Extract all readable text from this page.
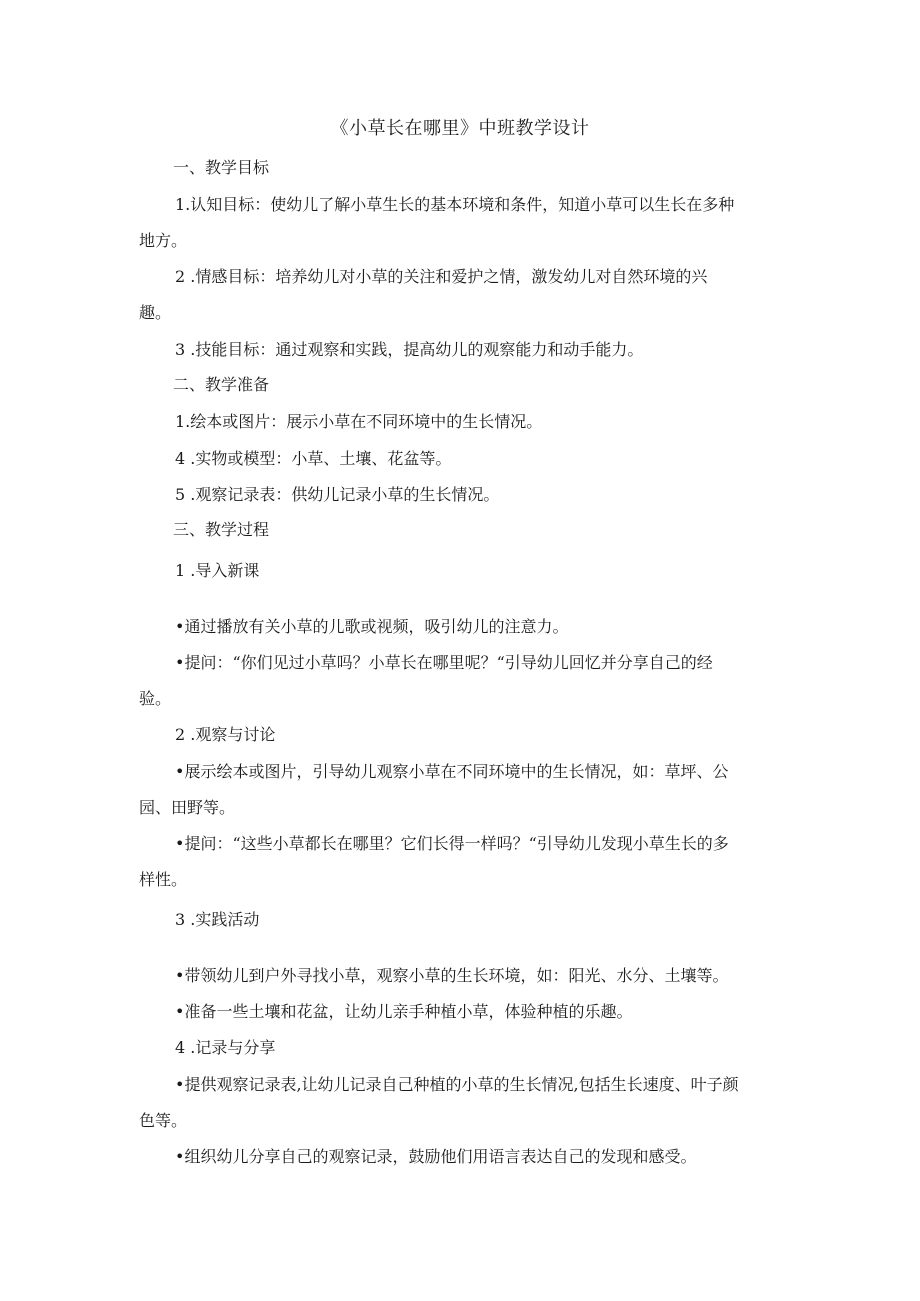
《小草长在哪里》中班教学设计
一、教学目标
1.认知目标：使幼儿了解小草生长的基本环境和条件，知道小草可以生长在多种
地方。
2 .情感目标：培养幼儿对小草的关注和爱护之情，激发幼儿对自然环境的兴
趣。
3 .技能目标：通过观察和实践，提高幼儿的观察能力和动手能力。
二、教学准备
1.绘本或图片：展示小草在不同环境中的生长情况。
4 .实物或模型：小草、土壤、花盆等。
5 .观察记录表：供幼儿记录小草的生长情况。
三、教学过程
1 .导入新课
•通过播放有关小草的儿歌或视频，吸引幼儿的注意力。
•提问：“你们见过小草吗？小草长在哪里呢？“引导幼儿回忆并分享自己的经
验。
2 .观察与讨论
•展示绘本或图片，引导幼儿观察小草在不同环境中的生长情况，如：草坪、公
园、田野等。
•提问：“这些小草都长在哪里？它们长得一样吗？“引导幼儿发现小草生长的多
样性。
3 .实践活动
•带领幼儿到户外寻找小草，观察小草的生长环境，如：阳光、水分、土壤等。
•准备一些土壤和花盆，让幼儿亲手种植小草，体验种植的乐趣。
4 .记录与分享
•提供观察记录表,让幼儿记录自己种植的小草的生长情况,包括生长速度、叶子颜
色等。
•组织幼儿分享自己的观察记录，鼓励他们用语言表达自己的发现和感受。
